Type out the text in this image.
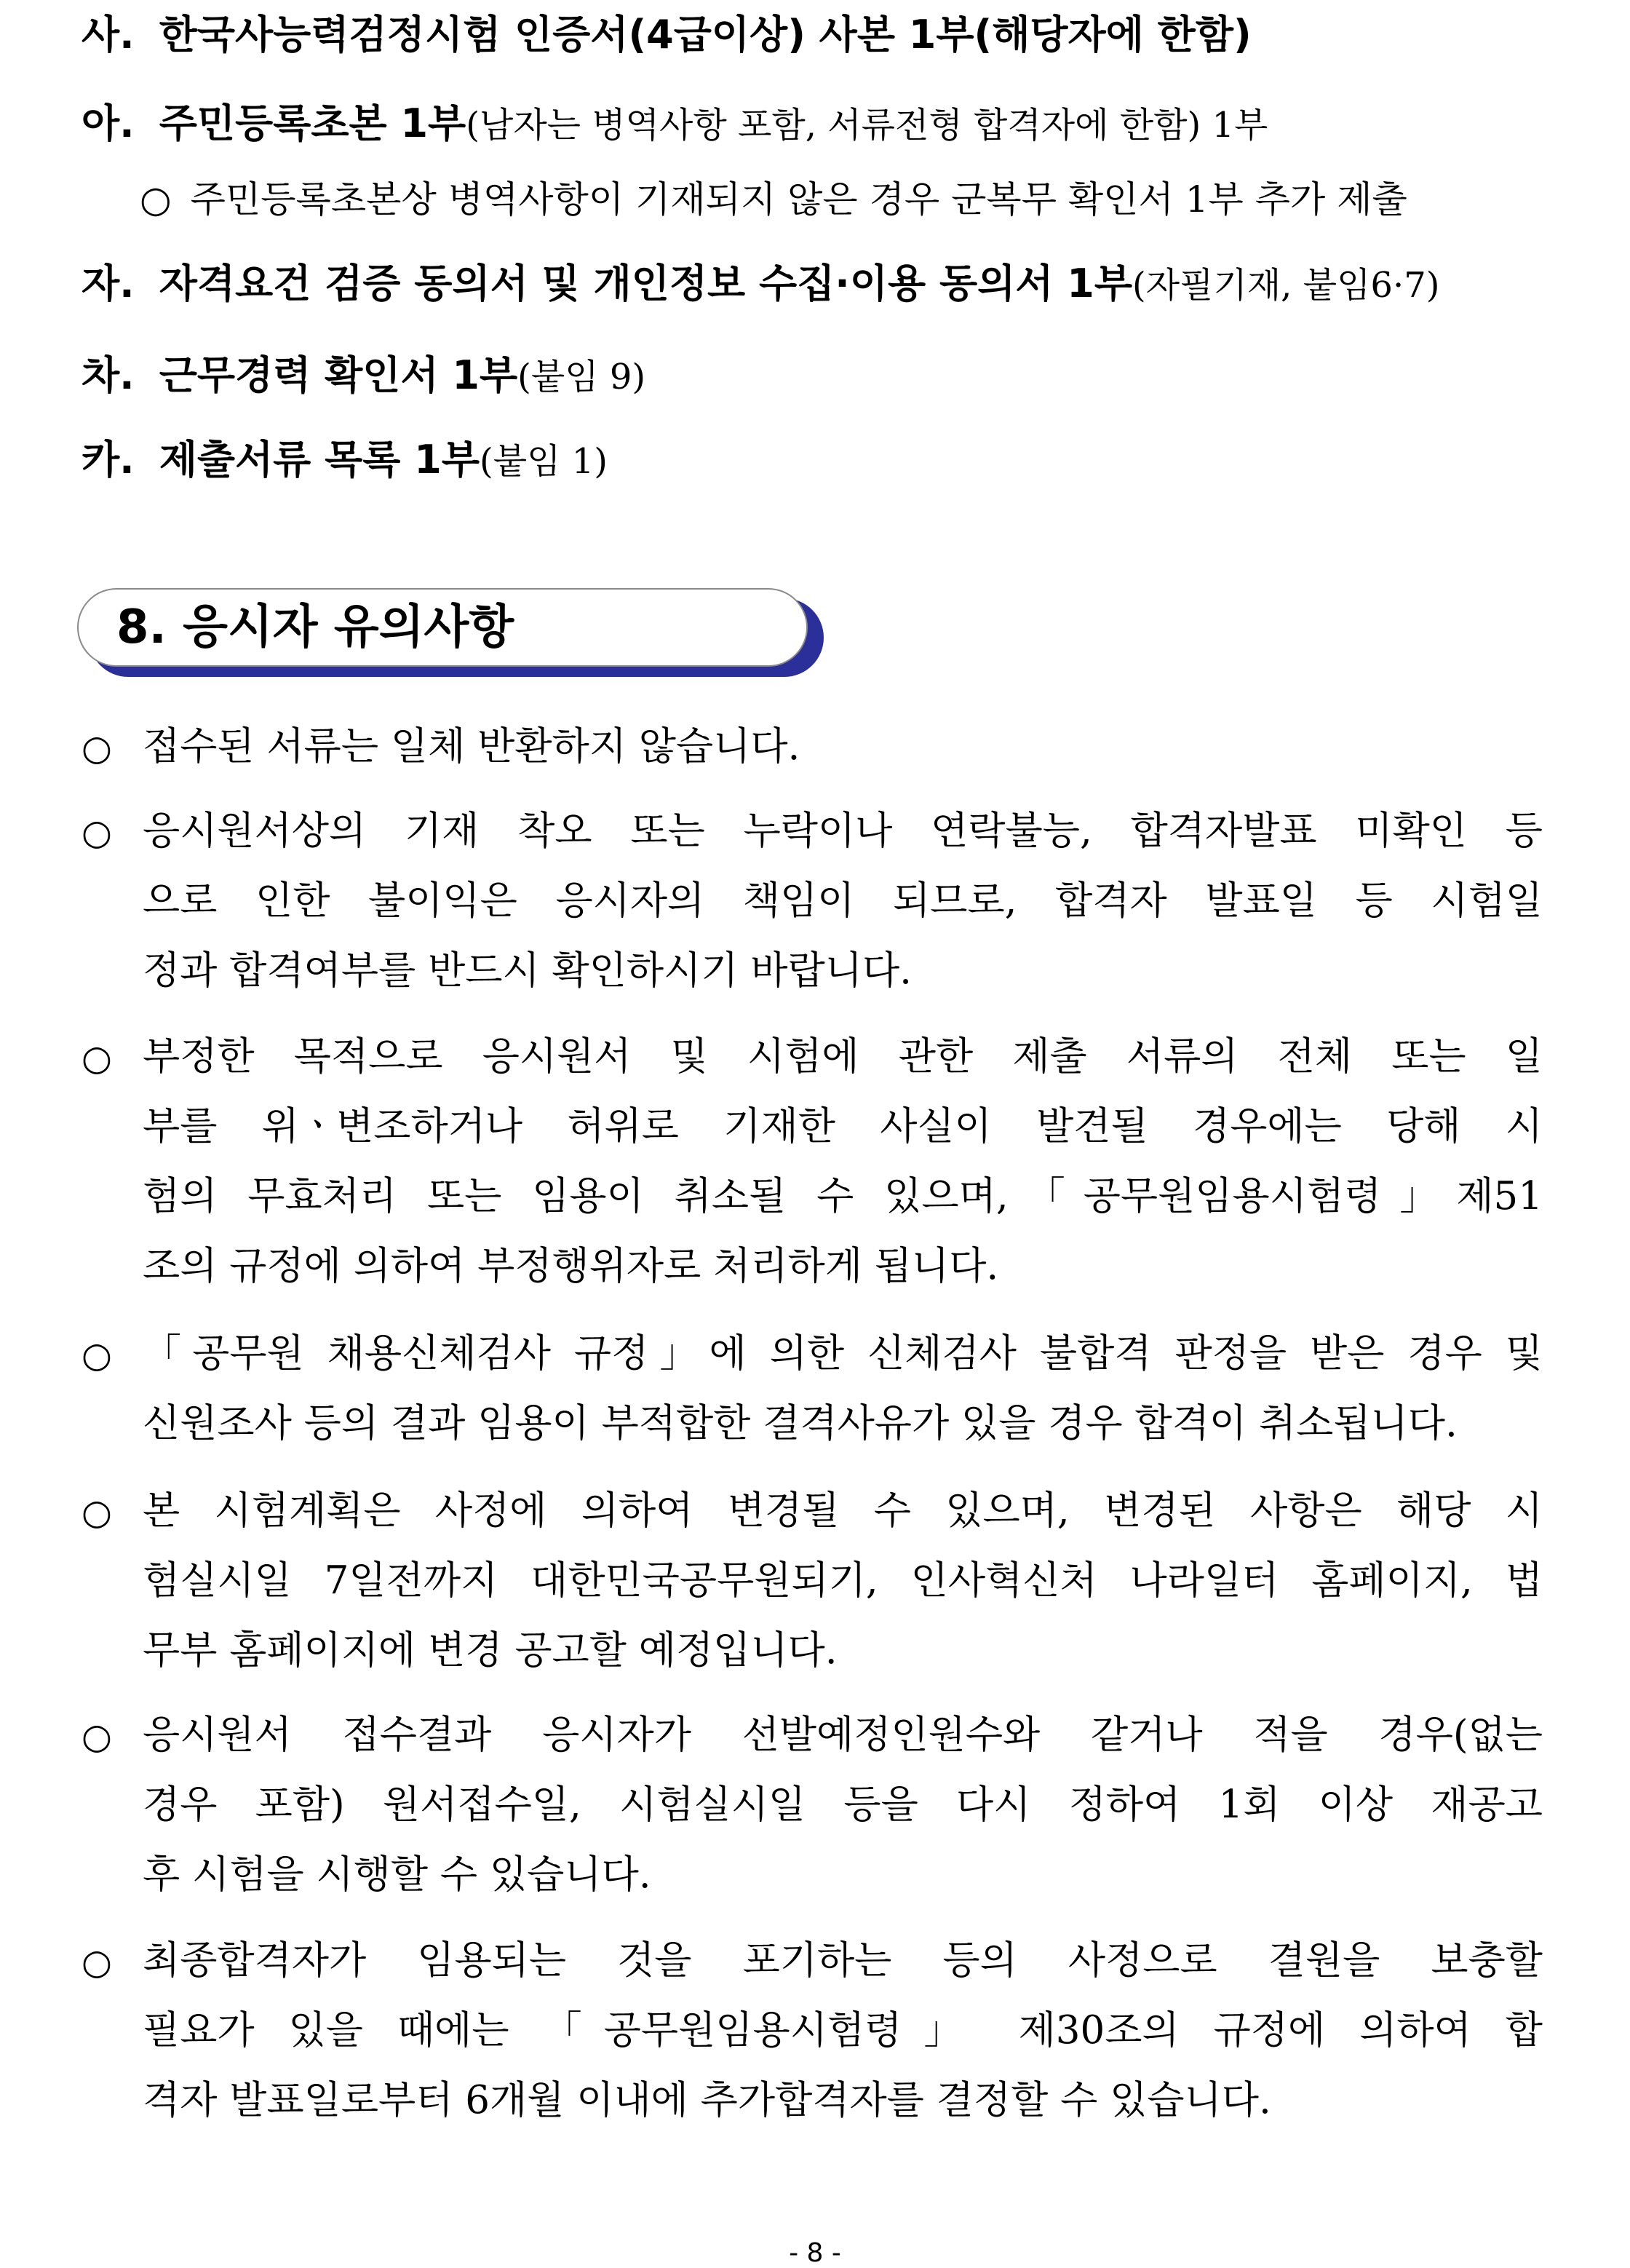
사. 한국사능력검정시험 인증서(4급이상) 사본 1부(해당자에 한함)
아. 주민등록초본 1부(남자는 병역사항 포함, 서류전형 합격자에 한함) 1부
○ 주민등록초본상 병역사항이 기재되지 않은 경우 군복무 확인서 1부 추가 제출
자. 자격요건 검증 동의서 및 개인정보 수집·이용 동의서 1부(자필기재, 붙임6·7)
차. 근무경력 확인서 1부(붙임 9)
카. 제출서류 목록 1부(붙임 1)
8. 응시자 유의사항
○ 접수된 서류는 일체 반환하지 않습니다.
○ 응시원서상의 기재 착오 또는 누락이나 연락불능, 합격자발표 미확인 등
으로 인한 불이익은 응시자의 책임이 되므로, 합격자 발표일 등 시험일
정과 합격여부를 반드시 확인하시기 바랍니다.
○ 부정한 목적으로 응시원서 및 시험에 관한 제출 서류의 전체 또는 일
부를 위ㆍ변조하거나 허위로 기재한 사실이 발견될 경우에는 당해 시
험의 무효처리 또는 임용이 취소될 수 있으며,「공무원임용시험령」제51
조의 규정에 의하여 부정행위자로 처리하게 됩니다.
○ 「공무원 채용신체검사 규정」에 의한 신체검사 불합격 판정을 받은 경우 및
신원조사 등의 결과 임용이 부적합한 결격사유가 있을 경우 합격이 취소됩니다.
○ 본 시험계획은 사정에 의하여 변경될 수 있으며, 변경된 사항은 해당 시
험실시일 7일전까지 대한민국공무원되기, 인사혁신처 나라일터 홈페이지, 법
무부 홈페이지에 변경 공고할 예정입니다.
○ 응시원서 접수결과 응시자가 선발예정인원수와 같거나 적을 경우(없는
경우 포함) 원서접수일, 시험실시일 등을 다시 정하여 1회 이상 재공고
후 시험을 시행할 수 있습니다.
○ 최종합격자가 임용되는 것을 포기하는 등의 사정으로 결원을 보충할
필요가 있을 때에는 「공무원임용시험령」 제30조의 규정에 의하여 합
격자 발표일로부터 6개월 이내에 추가합격자를 결정할 수 있습니다.
- 8 -
